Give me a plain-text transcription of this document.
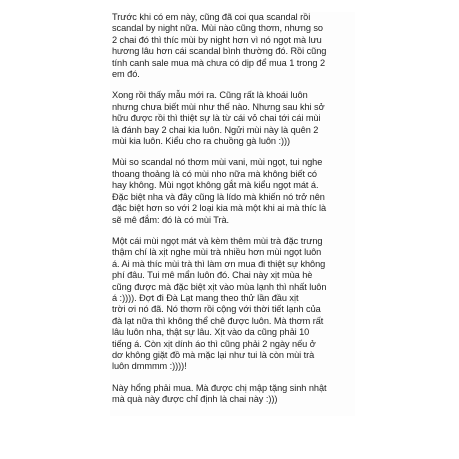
Trước khi có em này, cũng đã coi qua scandal rồi
scandal by night nữa. Mùi nào cũng thơm, nhưng so
2 chai đó thì thíc mùi by night hơn vì nó ngọt mà lưu
hương lâu hơn cái scandal bình thường đó. Rồi cũng
tính canh sale mua mà chưa có dịp để mua 1 trong 2
em đó.
Xong rồi thấy mẫu mới ra. Cũng rất là khoái luôn
nhưng chưa biết mùi như thế nào. Nhưng sau khi sở
hữu được rồi thì thiệt sự là từ cái vỏ chai tới cái mùi
là đánh bay 2 chai kia luôn. Ngửi mùi này là quên 2
mùi kia luôn. Kiểu cho ra chuồng gà luôn :)))
Mùi so scandal nó thơm mùi vani, mùi ngọt, tui nghe
thoang thoảng là có mùi nho nữa mà không biết có
hay không. Mùi ngọt không gắt mà kiểu ngọt mát á.
Đặc biệt nha và đây cũng là lído mà khiến nó trở nên
đặc biệt hơn so với 2 loại kia mà một khi ai mà thíc là
sẽ mê đắm: đó là có mùi Trà.
Một cái mùi ngọt mát và kèm thêm mùi trà đặc trưng
thậm chí là xịt nghe mùi trà nhiều hơn mùi ngọt luôn
á. Ai mà thíc mùi trà thì làm ơn mua đi thiệt sự không
phí đâu. Tui mê mẩn luôn đó. Chai này xịt mùa hè
cũng được mà đặc biệt xịt vào mùa lạnh thì nhất luôn
á :)))). Đợt đi Đà Lạt mang theo thử lần đầu xịt
trời ơi nó đã. Nó thơm rồi cộng với thời tiết lạnh của
đà lạt nữa thì không thể chê được luôn. Mà thơm rất
lâu luôn nha, thật sự lâu. Xịt vào da cũng phải 10
tiếng á. Còn xịt dính áo thì cũng phải 2 ngày nếu ở
dơ không giặt đồ mà mặc lại như tui là còn mùi trà
luôn dmmmm :))))!
Này hổng phải mua. Mà được chị mập tặng sinh nhật
mà quà này được chỉ định là chai này :)))
